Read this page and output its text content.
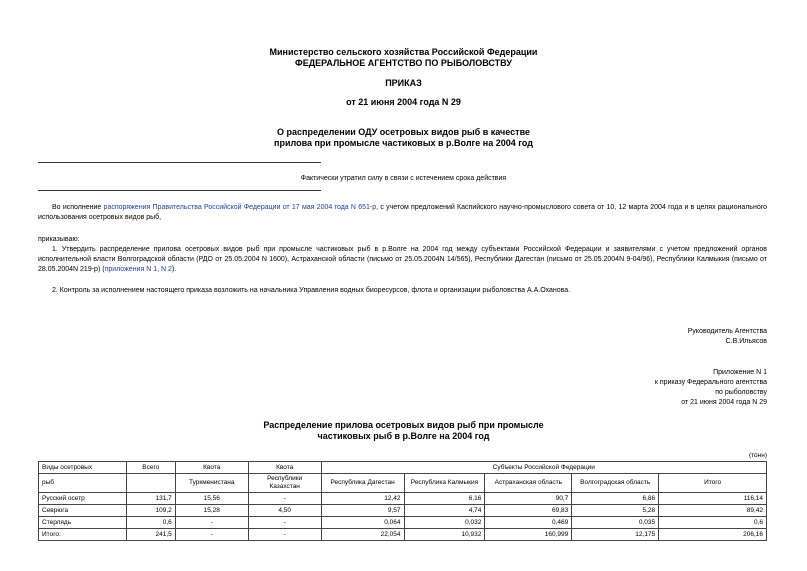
Министерство сельского хозяйства Российской Федерации
ФЕДЕРАЛЬНОЕ АГЕНТСТВО ПО РЫБОЛОВСТВУ
ПРИКАЗ
от 21 июня 2004 года N 29
О распределении ОДУ осетровых видов рыб в качестве
прилова при промысле частиковых в р.Волге на 2004 год
Фактически утратил силу в связи с истечением срока действия
Во исполнение распоряжения Правительства Российской Федерации от 17 мая 2004 года N 651-р, с учетом предложений Каспийского научно-промыслового совета от 10, 12 марта 2004 года и в целях рационального использования осетровых видов рыб,
приказываю:
1. Утвердить распределение прилова осетровых видов рыб при промысле частиковых рыб в р.Волге на 2004 год между субъектами Российской Федерации и заявителями с учетом предложений органов исполнительной власти Волгоградской области (РДО от 25.05.2004 N 1600), Астраханской области (письмо от 25.05.2004N 14/565), Республики Дагестан (письмо от 25.05.2004N 9-04/96), Республики Калмыкия (письмо от 28.05.2004N 219-р) (приложения N 1, N 2).
2. Контроль за исполнением настоящего приказа возложить на начальника Управления водных биоресурсов, флота и организации рыболовства А.А.Оханова.
Руководитель Агентства
С.В.Ильясов
Приложение N 1
к приказу Федерального агентства
по рыболовству
от 21 июня 2004 года N 29
Распределение прилова осетровых видов рыб при промысле
частиковых рыб в р.Волге на 2004 год
(тонн)
Виды осетровых	Всего	Квота	Квота	Субъекты Российской Федерации				
рыб		Туркменистана	Республики Казахстан	Республика Дагестан	Республика Калмыкия	Астраханская область	Волгоградская область	Итого
Русский осетр	131,7	15,56	-	12,42	6,16	90,7	6,86	116,14
Севрюга	109,2	15,28	4,50	9,57	4,74	69,83	5,28	89,42
Стерлядь	0,6	-	-	0,064	0,032	0,469	0,035	0,6
Итого:	241,5	-	-	22,054	10,932	160,999	12,175	206,16
